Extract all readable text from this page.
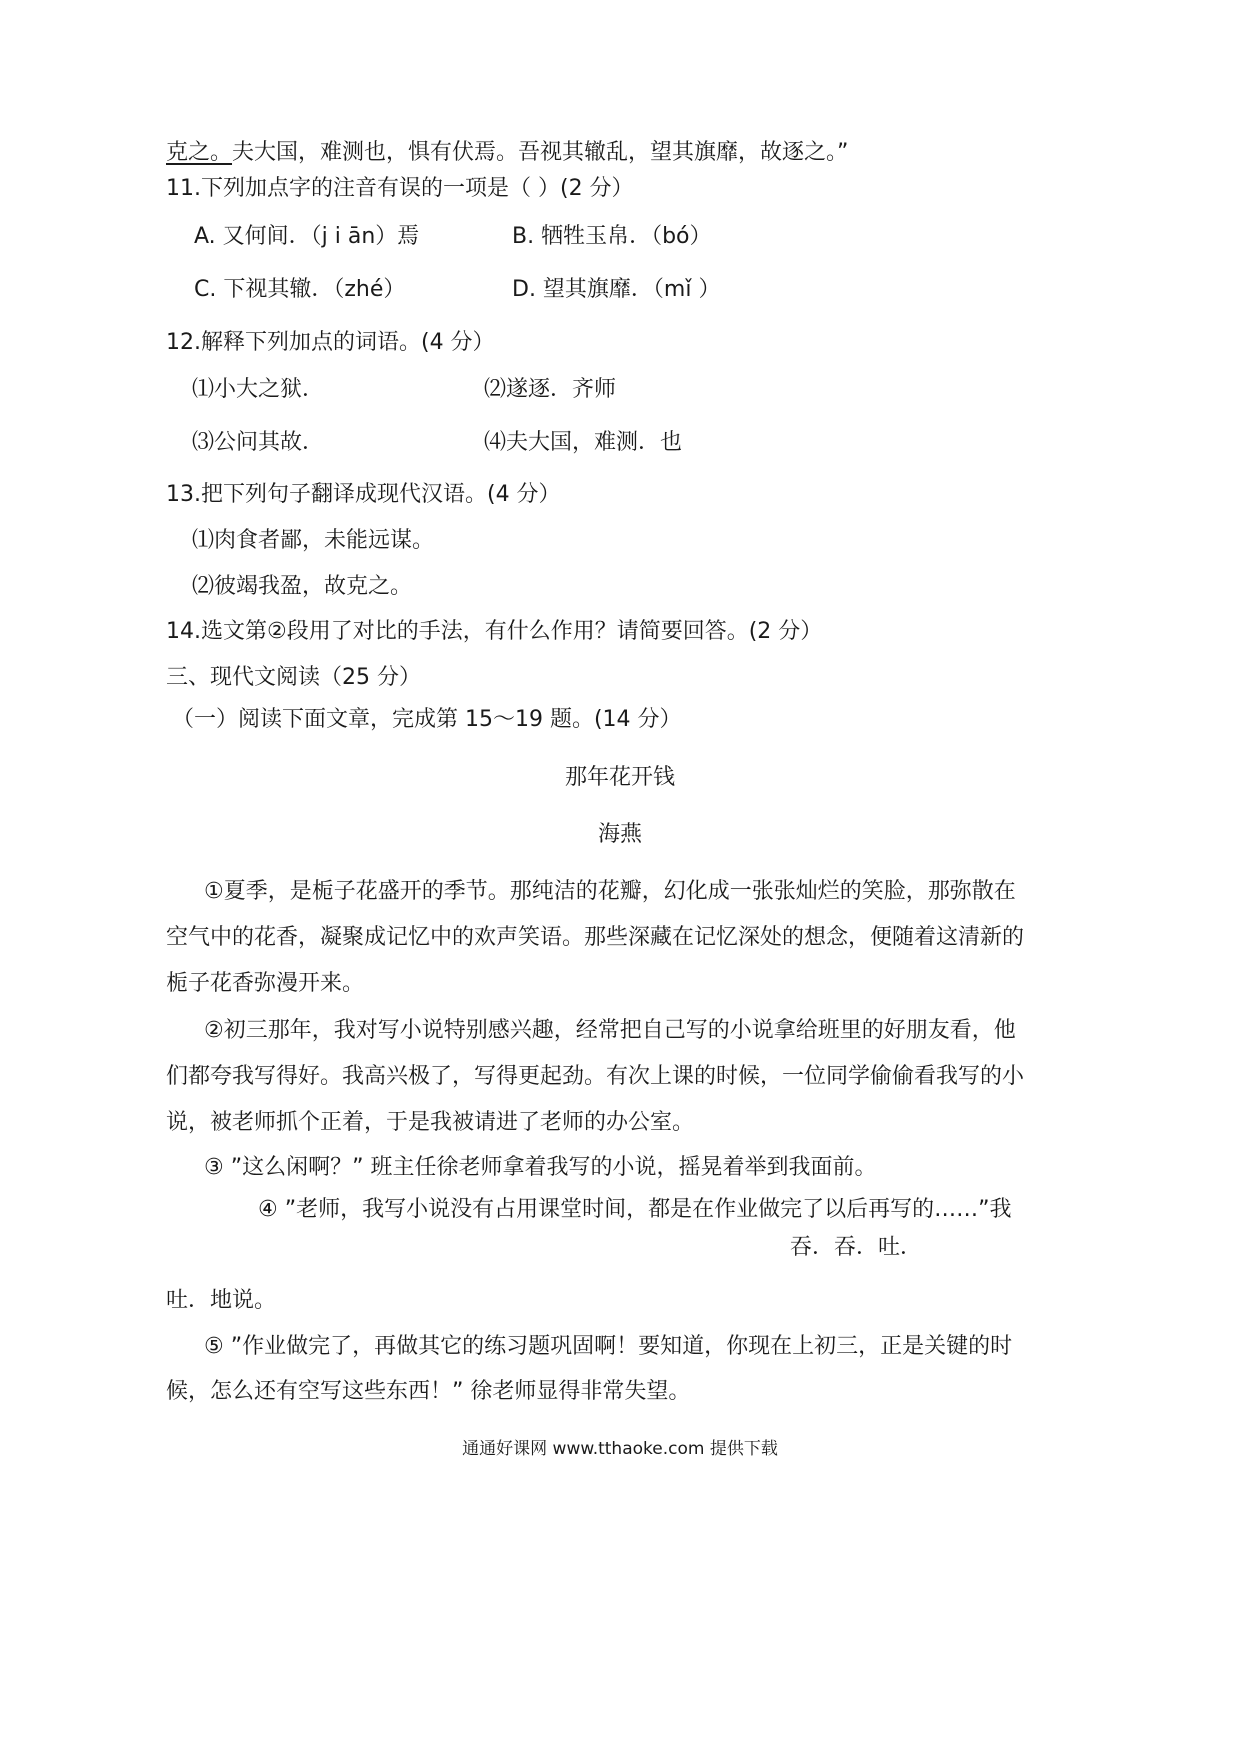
克之。夫大国，难测也，惧有伏焉。吾视其辙乱，望其旗靡，故逐之。”

11.下列加点字的注音有误的一项是（ ）(2 分）

A. 又何间．（j i ān）焉	B. 牺牲玉帛．（bó）

C. 下视其辙．（zhé）	D. 望其旗靡．（mǐ ）

12.解释下列加点的词语。(4 分）

⑴小大之狱．	⑵遂逐．齐师

⑶公问其故．	⑷夫大国，难测．也

13.把下列句子翻译成现代汉语。(4 分）

⑴肉食者鄙，未能远谋。

⑵彼竭我盈，故克之。

14.选文第②段用了对比的手法，有什么作用？请简要回答。(2 分）

三、现代文阅读（25 分）

（一）阅读下面文章，完成第 15～19 题。(14 分）

那年花开钱

海燕

①夏季，是栀子花盛开的季节。那纯洁的花瓣，幻化成一张张灿烂的笑脸，那弥散在

空气中的花香，凝聚成记忆中的欢声笑语。那些深藏在记忆深处的想念，便随着这清新的

栀子花香弥漫开来。

②初三那年，我对写小说特别感兴趣，经常把自己写的小说拿给班里的好朋友看，他

们都夸我写得好。我高兴极了，写得更起劲。有次上课的时候，一位同学偷偷看我写的小

说，被老师抓个正着，于是我被请进了老师的办公室。

③ ”这么闲啊？” 班主任徐老师拿着我写的小说，摇晃着举到我面前。

④ ”老师，我写小说没有占用课堂时间，都是在作业做完了以后再写的……”我

吞．吞．吐．

吐．地说。

⑤ ”作业做完了，再做其它的练习题巩固啊！要知道，你现在上初三，正是关键的时

候，怎么还有空写这些东西！” 徐老师显得非常失望。

通通好课网 www.tthaoke.com 提供下载
